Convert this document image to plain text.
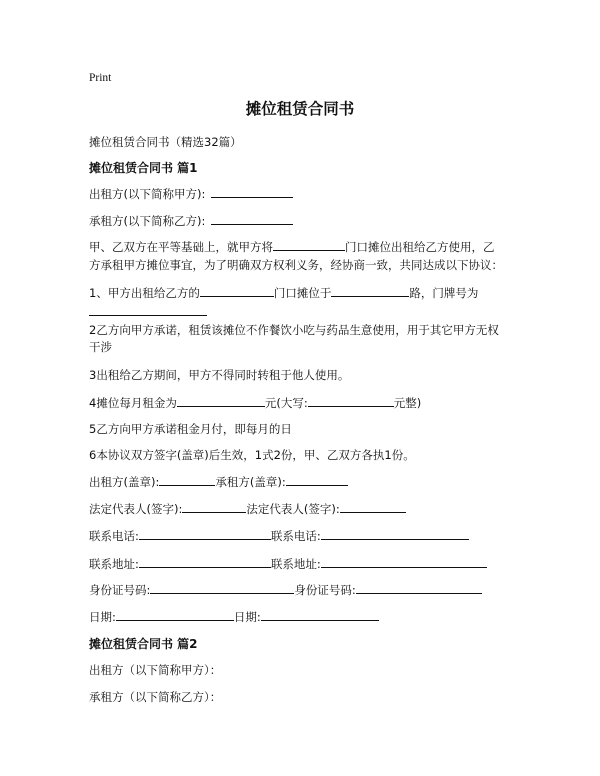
Print
摊位租赁合同书
摊位租赁合同书（精选32篇）
摊位租赁合同书 篇1
出租方(以下简称甲方):
承租方(以下简称乙方):
甲、乙双方在平等基础上，就甲方将	门口摊位出租给乙方使用，乙
方承租甲方摊位事宜，为了明确双方权利义务，经协商一致，共同达成以下协议：
1、甲方出租给乙方的	门口摊位于	路，门牌号为
2乙方向甲方承诺，租赁该摊位不作餐饮小吃与药品生意使用，用于其它甲方无权
干涉
3出租给乙方期间，甲方不得同时转租于他人使用。
4摊位每月租金为	元(大写:	元整)
5乙方向甲方承诺租金月付，即每月的日
6本协议双方签字(盖章)后生效，1式2份，甲、乙双方各执1份。
出租方(盖章):	承租方(盖章):
法定代表人(签字):	法定代表人(签字):
联系电话:	联系电话:
联系地址:	联系地址:
身份证号码:	身份证号码:
日期:	日期:
摊位租赁合同书 篇2
出租方（以下简称甲方）：
承租方（以下简称乙方）：
